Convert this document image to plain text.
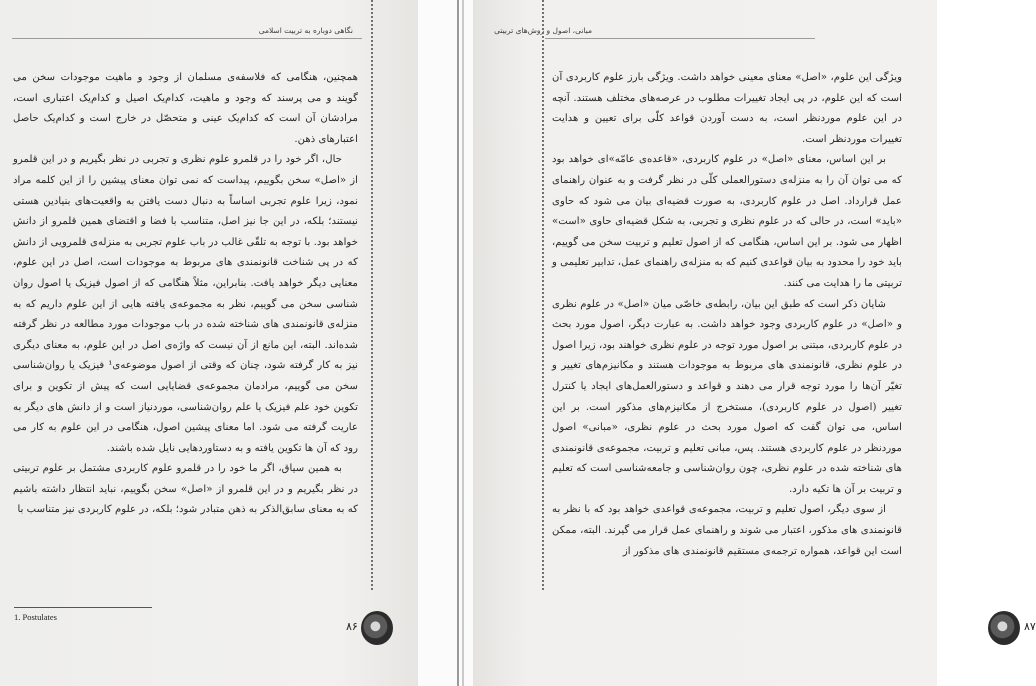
نگاهی دوباره به تربیت اسلامی

همچنین، هنگامی که فلاسفه‌ی مسلمان از وجود و ماهیت موجودات سخن می گویند و می پرسند که وجود و ماهیت، کدام‌یک اصیل و کدام‌یک اعتباری است، مرادشان آن است که کدام‌یک عینی و متحصّل در خارج است و کدام‌یک حاصل اعتبارهای ذهن.

حال، اگر خود را در قلمرو علوم نظری و تجربی در نظر بگیریم و در این قلمرو از «اصل» سخن بگوییم، پیداست که نمی توان معنای پیشین را از این کلمه مراد نمود، زیرا علوم تجربی اساساً به دنبال دست یافتن به واقعیت‌های بنیادین هستی نیستند؛ بلکه، در این جا نیز اصل، متناسب با فضا و اقتضای همین قلمرو از دانش خواهد بود. با توجه به تلقّی غالب در باب علوم تجربی به منزله‌ی قلمرویی از دانش که در پی شناخت قانونمندی های مربوط به موجودات است، اصل در این علوم، معنایی دیگر خواهد یافت. بنابراین، مثلاً هنگامی که از اصول فیزیک یا اصول روان شناسی سخن می گوییم، نظر به مجموعه‌ی یافته هایی از این علوم داریم که به منزله‌ی قانونمندی های شناخته شده در باب موجودات مورد مطالعه در نظر گرفته شده‌اند. البته، این مانع از آن نیست که واژه‌ی اصل در این علوم، به معنای دیگری نیز به کار گرفته شود، چنان که وقتی از اصول موضوعه‌ی¹ فیزیک یا روان‌شناسی سخن می گوییم، مرادمان مجموعه‌ی قضایایی است که پیش از تکوین و برای تکوین خود علم فیزیک یا علم روان‌شناسی، موردنیاز است و از دانش های دیگر به عاریت گرفته می شود. اما معنای پیشین اصول، هنگامی در این علوم به کار می رود که آن ها تکوین یافته و به دستاوردهایی نایل شده باشند.

به همین سیاق، اگر ما خود را در قلمرو علوم کاربردی مشتمل بر علوم تربیتی در نظر بگیریم و در این قلمرو از «اصل» سخن بگوییم، نباید انتظار داشته باشیم که به معنای سابق‌الذکر به ذهن متبادر شود؛ بلکه، در علوم کاربردی نیز متناسب با

1. Postulates
۸۶
مبانی، اصول و روش‌های تربیتی

ویژگی این علوم، «اصل» معنای معینی خواهد داشت. ویژگی بارز علوم کاربردی آن است که این علوم، در پی ایجاد تغییرات مطلوب در عرصه‌های مختلف هستند. آنچه در این علوم موردنظر است، به دست آوردن قواعد کلّی برای تعیین و هدایت تغییرات موردنظر است.

بر این اساس، معنای «اصل» در علوم کاربردی، «قاعده‌ی عامّه»ای خواهد بود که می توان آن را به منزله‌ی دستورالعملی کلّی در نظر گرفت و به عنوان راهنمای عمل قرارداد. اصل در علوم کاربردی، به صورت قضیه‌ای بیان می شود که حاوی «باید» است، در حالی که در علوم نظری و تجربی، به شکل قضیه‌ای حاوی «است» اظهار می شود. بر این اساس، هنگامی که از اصول تعلیم و تربیت سخن می گوییم، باید خود را محدود به بیان قواعدی کنیم که به منزله‌ی راهنمای عمل، تدابیر تعلیمی و تربیتی ما را هدایت می کنند.

شایان ذکر است که طبق این بیان، رابطه‌ی خاصّی میان «اصل» در علوم نظری و «اصل» در علوم کاربردی وجود خواهد داشت. به عبارت دیگر، اصول مورد بحث در علوم کاربردی، مبتنی بر اصول مورد توجه در علوم نظری خواهند بود، زیرا اصول در علوم نظری، قانونمندی های مربوط به موجودات هستند و مکانیزم‌های تغییر و تغیّر آن‌ها را مورد توجه قرار می دهند و قواعد و دستورالعمل‌های ایجاد یا کنترل تغییر (اصول در علوم کاربردی)، مستخرج از مکانیزم‌های مذکور است. بر این اساس، می توان گفت که اصول مورد بحث در علوم نظری، «مبانی» اصول موردنظر در علوم کاربردی هستند. پس، مبانی تعلیم و تربیت، مجموعه‌ی قانونمندی های شناخته شده در علوم نظری، چون روان‌شناسی و جامعه‌شناسی است که تعلیم و تربیت بر آن ها تکیه دارد.

از سوی دیگر، اصول تعلیم و تربیت، مجموعه‌ی قواعدی خواهد بود که با نظر به قانونمندی های مذکور، اعتبار می شوند و راهنمای عمل قرار می گیرند. البته، ممکن است این قواعد، همواره ترجمه‌ی مستقیم قانونمندی های مذکور از

۸۷
